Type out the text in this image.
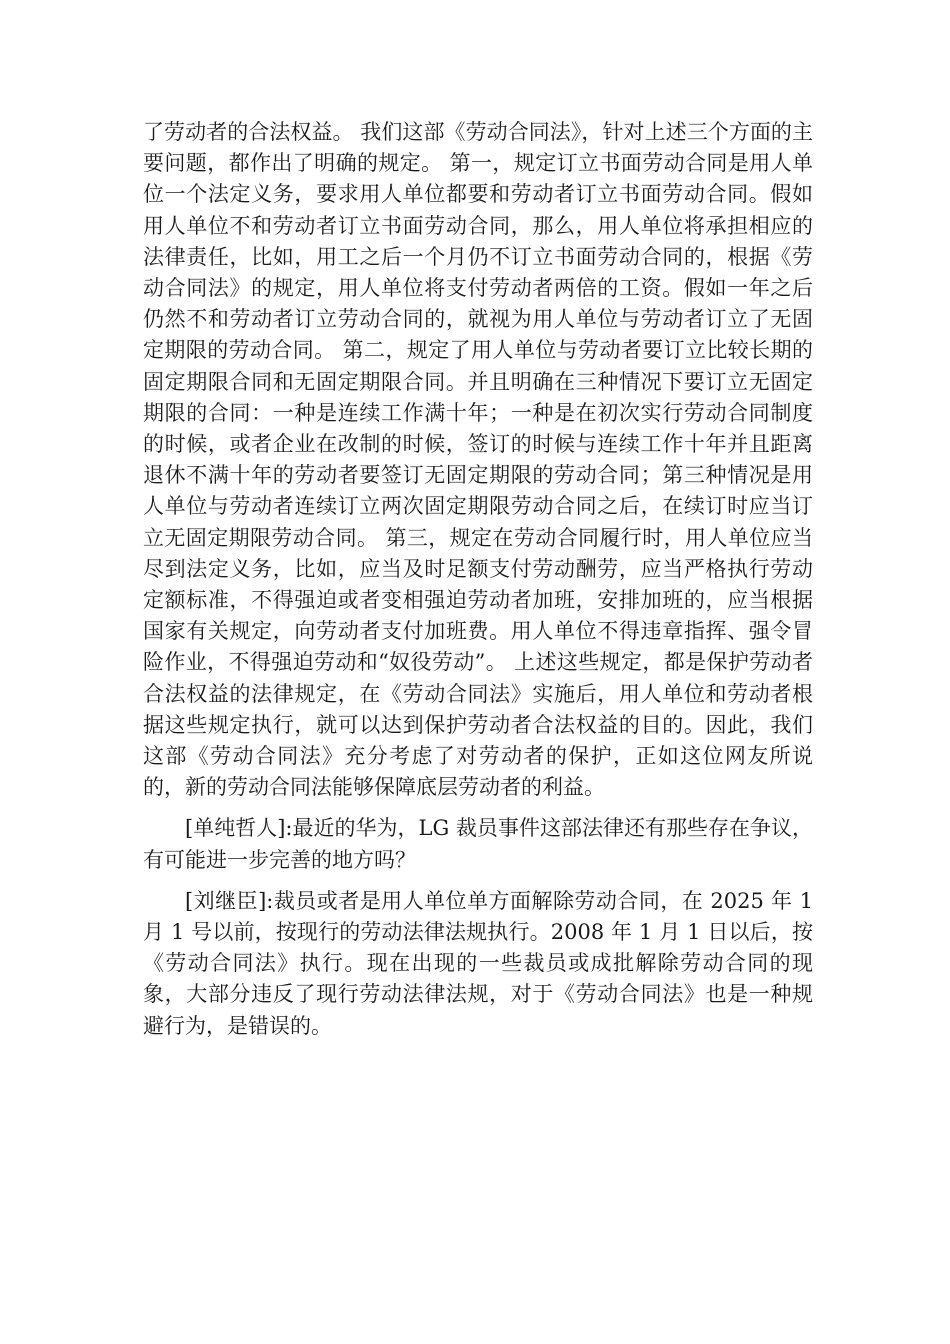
了劳动者的合法权益。 我们这部《劳动合同法》，针对上述三个方面的主要问题，都作出了明确的规定。 第一，规定订立书面劳动合同是用人单位一个法定义务，要求用人单位都要和劳动者订立书面劳动合同。假如用人单位不和劳动者订立书面劳动合同，那么，用人单位将承担相应的法律责任，比如，用工之后一个月仍不订立书面劳动合同的，根据《劳动合同法》的规定，用人单位将支付劳动者两倍的工资。假如一年之后仍然不和劳动者订立劳动合同的，就视为用人单位与劳动者订立了无固定期限的劳动合同。 第二，规定了用人单位与劳动者要订立比较长期的固定期限合同和无固定期限合同。并且明确在三种情况下要订立无固定期限的合同：一种是连续工作满十年；一种是在初次实行劳动合同制度的时候，或者企业在改制的时候，签订的时候与连续工作十年并且距离退休不满十年的劳动者要签订无固定期限的劳动合同；第三种情况是用人单位与劳动者连续订立两次固定期限劳动合同之后，在续订时应当订立无固定期限劳动合同。 第三，规定在劳动合同履行时，用人单位应当尽到法定义务，比如，应当及时足额支付劳动酬劳，应当严格执行劳动定额标准，不得强迫或者变相强迫劳动者加班，安排加班的，应当根据国家有关规定，向劳动者支付加班费。用人单位不得违章指挥、强令冒险作业，不得强迫劳动和“奴役劳动”。 上述这些规定，都是保护劳动者合法权益的法律规定，在《劳动合同法》实施后，用人单位和劳动者根据这些规定执行，就可以达到保护劳动者合法权益的目的。因此，我们这部《劳动合同法》充分考虑了对劳动者的保护，正如这位网友所说的，新的劳动合同法能够保障底层劳动者的利益。

[单纯哲人]:最近的华为，LG 裁员事件这部法律还有那些存在争议，有可能进一步完善的地方吗？

[刘继臣]:裁员或者是用人单位单方面解除劳动合同，在 2025 年 1 月 1 号以前，按现行的劳动法律法规执行。2008 年 1 月 1 日以后，按《劳动合同法》执行。现在出现的一些裁员或成批解除劳动合同的现象，大部分违反了现行劳动法律法规，对于《劳动合同法》也是一种规避行为，是错误的。
